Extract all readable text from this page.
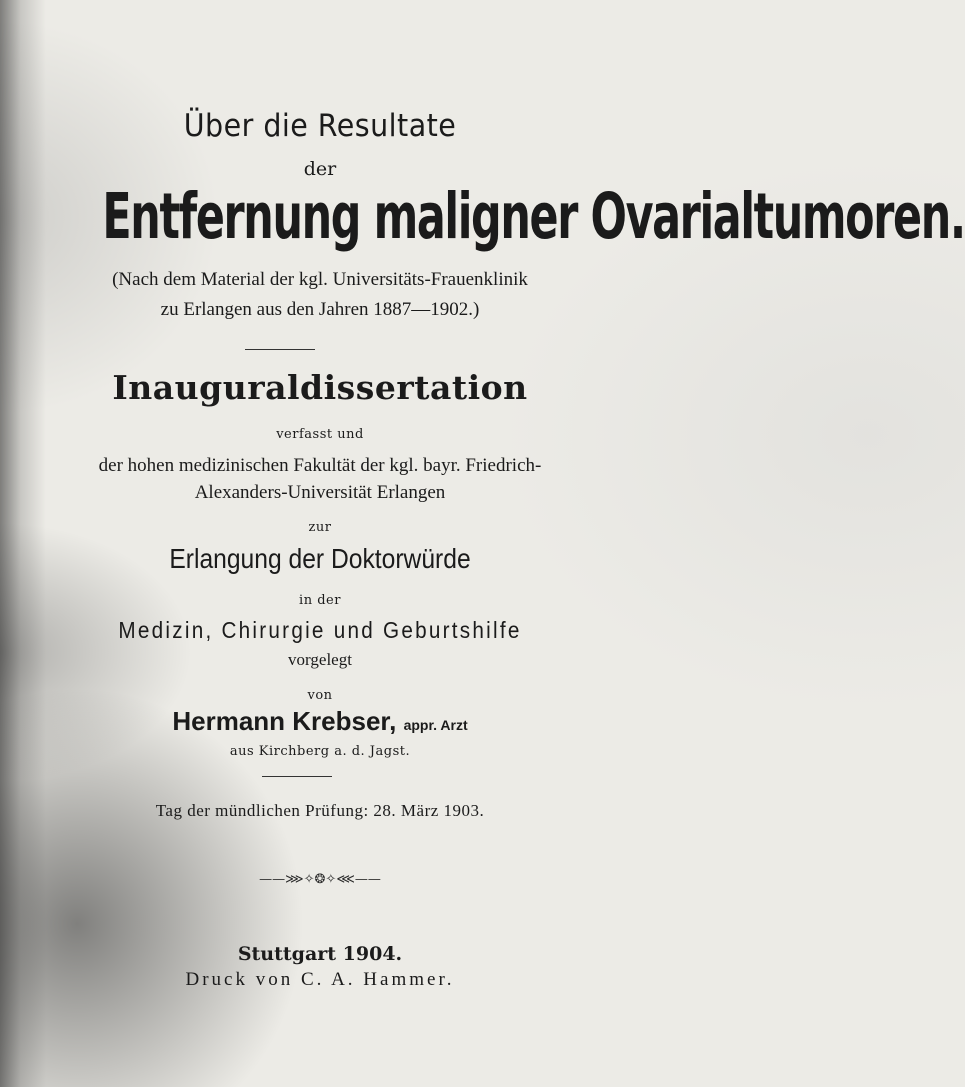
Über die Resultate
der
Entfernung maligner Ovarialtumoren.
(Nach dem Material der kgl. Universitäts-Frauenklinik
zu Erlangen aus den Jahren 1887—1902.)
Inauguraldissertation
verfasst und
der hohen medizinischen Fakultät der kgl. bayr. Friedrich-
Alexanders-Universität Erlangen
zur
Erlangung der Doktorwürde
in der
Medizin, Chirurgie und Geburtshilfe
vorgelegt
von
Hermann Krebser, appr. Arzt
aus Kirchberg a. d. Jagst.
Tag der mündlichen Prüfung: 28. März 1903.
——⋙✧❂✧⋘——
Stuttgart 1904.
Druck von C. A. Hammer.
